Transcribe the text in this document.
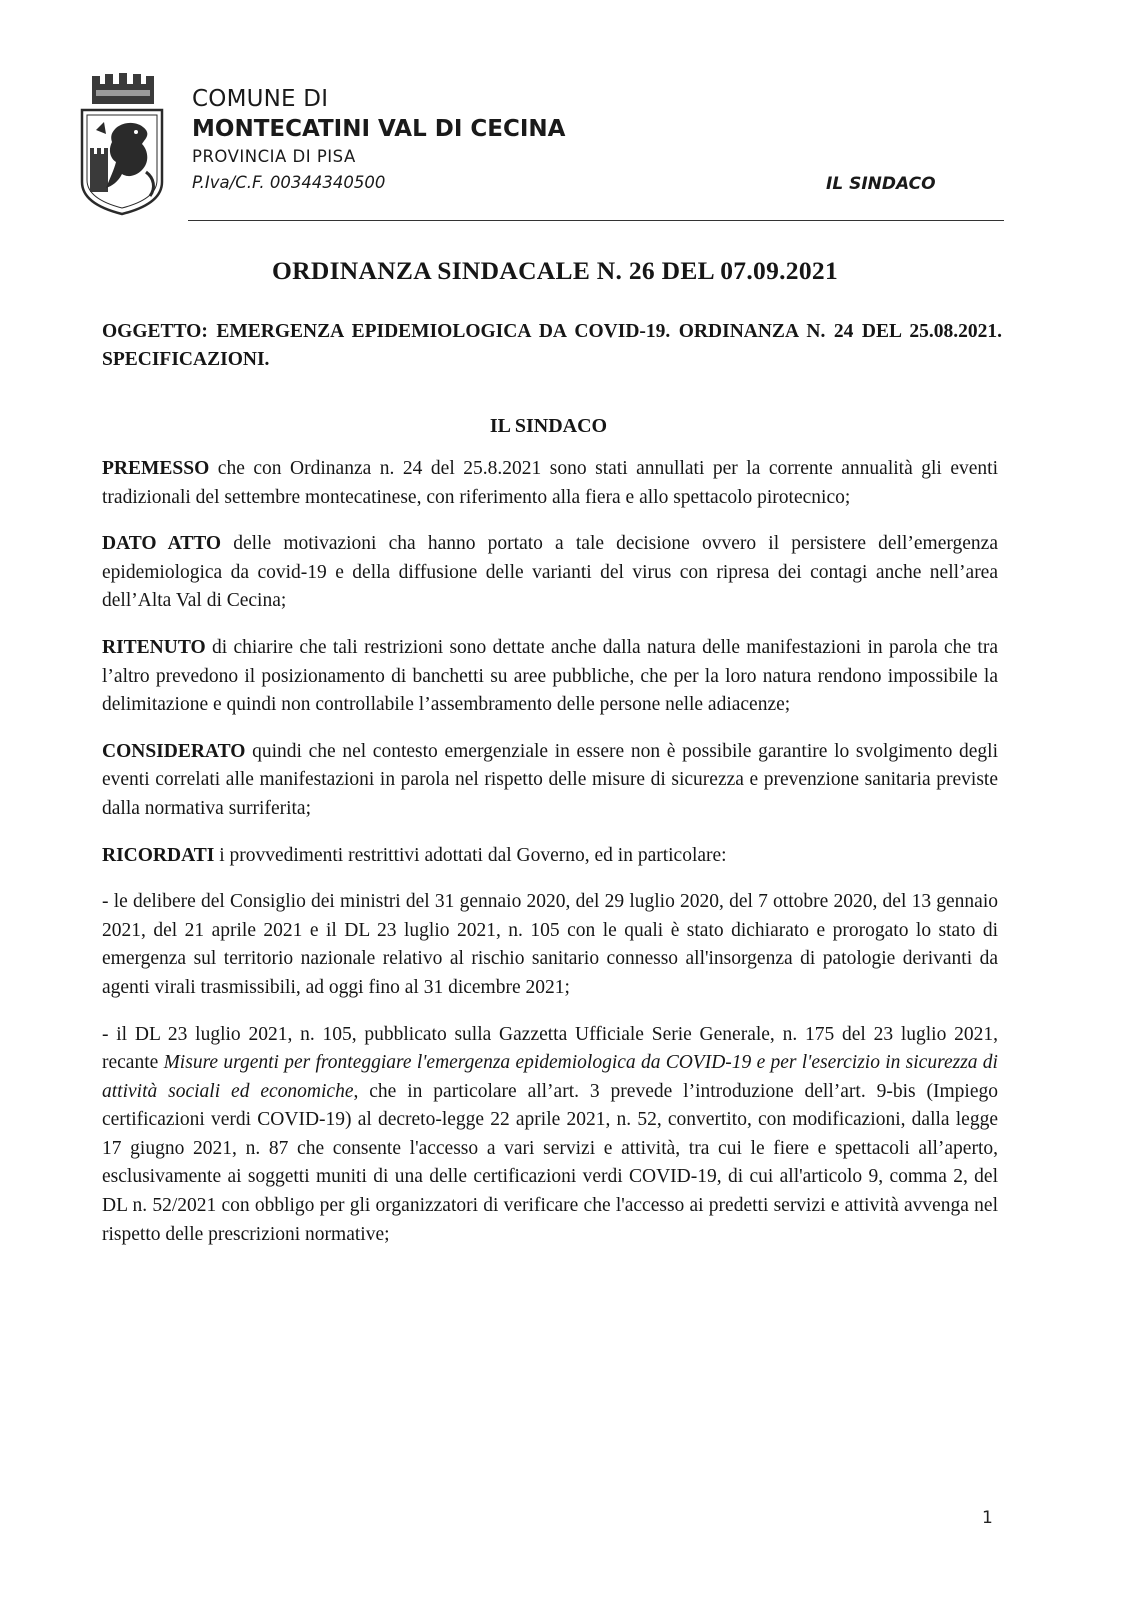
COMUNE DI
MONTECATINI VAL DI CECINA
PROVINCIA DI PISA
P.Iva/C.F. 00344340500	IL SINDACO
ORDINANZA SINDACALE N. 26 DEL 07.09.2021
OGGETTO: EMERGENZA EPIDEMIOLOGICA DA COVID-19. ORDINANZA N. 24 DEL 25.08.2021. SPECIFICAZIONI.
IL SINDACO

PREMESSO che con Ordinanza n. 24 del 25.8.2021 sono stati annullati per la corrente annualità gli eventi tradizionali del settembre montecatinese, con riferimento alla fiera e allo spettacolo pirotecnico;

DATO ATTO delle motivazioni cha hanno portato a tale decisione ovvero il persistere dell’emergenza epidemiologica da covid-19 e della diffusione delle varianti del virus con ripresa dei contagi anche nell’area dell’Alta Val di Cecina;

RITENUTO di chiarire che tali restrizioni sono dettate anche dalla natura delle manifestazioni in parola che tra l’altro prevedono il posizionamento di banchetti su aree pubbliche, che per la loro natura rendono impossibile la delimitazione e quindi non controllabile l’assembramento delle persone nelle adiacenze;

CONSIDERATO quindi che nel contesto emergenziale in essere non è possibile garantire lo svolgimento degli eventi correlati alle manifestazioni in parola nel rispetto delle misure di sicurezza e prevenzione sanitaria previste dalla normativa surriferita;

RICORDATI i provvedimenti restrittivi adottati dal Governo, ed in particolare:

- le delibere del Consiglio dei ministri del 31 gennaio 2020, del 29 luglio 2020, del 7 ottobre 2020, del 13 gennaio 2021, del 21 aprile 2021 e il DL 23 luglio 2021, n. 105 con le quali è stato dichiarato e prorogato lo stato di emergenza sul territorio nazionale relativo al rischio sanitario connesso all'insorgenza di patologie derivanti da agenti virali trasmissibili, ad oggi fino al 31 dicembre 2021;

- il DL 23 luglio 2021, n. 105, pubblicato sulla Gazzetta Ufficiale Serie Generale, n. 175 del 23 luglio 2021, recante Misure urgenti per fronteggiare l'emergenza epidemiologica da COVID-19 e per l'esercizio in sicurezza di attività sociali ed economiche, che in particolare all’art. 3 prevede l’introduzione dell’art. 9-bis (Impiego certificazioni verdi COVID-19) al decreto-legge 22 aprile 2021, n. 52, convertito, con modificazioni, dalla legge 17 giugno 2021, n. 87 che consente l'accesso a vari servizi e attività, tra cui le fiere e spettacoli all’aperto, esclusivamente ai soggetti muniti di una delle certificazioni verdi COVID-19, di cui all'articolo 9, comma 2, del DL n. 52/2021 con obbligo per gli organizzatori di verificare che l'accesso ai predetti servizi e attività avvenga nel rispetto delle prescrizioni normative;

1
